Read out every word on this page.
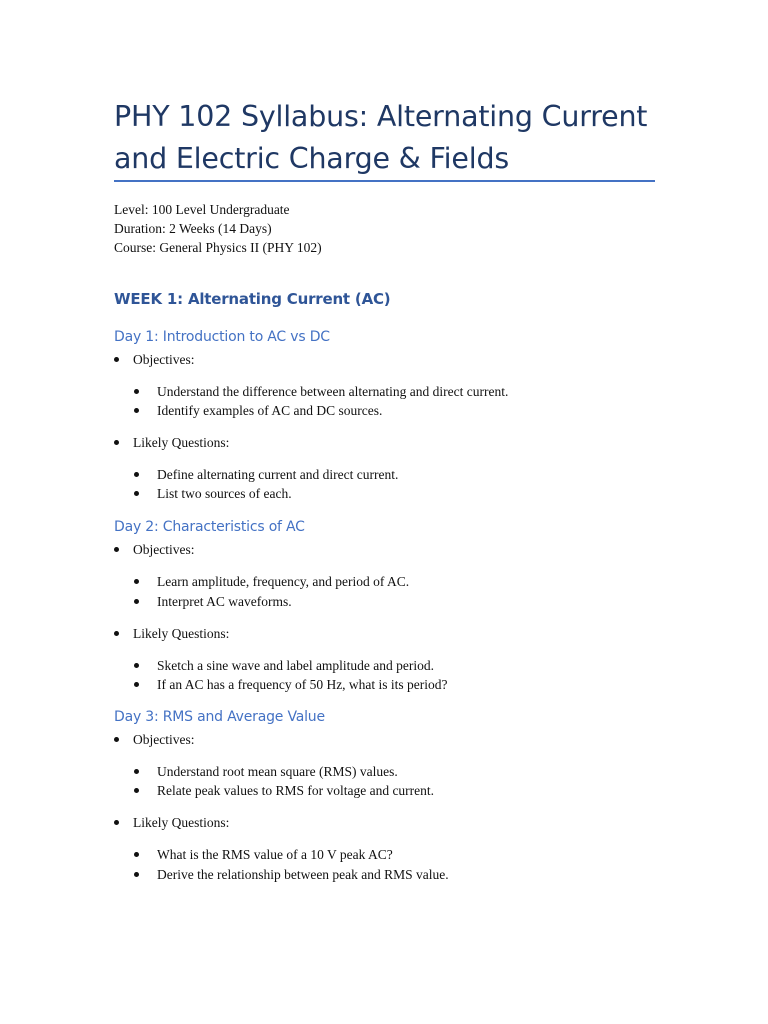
PHY 102 Syllabus: Alternating Current and Electric Charge & Fields
Level: 100 Level Undergraduate
Duration: 2 Weeks (14 Days)
Course: General Physics II (PHY 102)
WEEK 1: Alternating Current (AC)
Day 1: Introduction to AC vs DC
Objectives:
Understand the difference between alternating and direct current.
Identify examples of AC and DC sources.
Likely Questions:
Define alternating current and direct current.
List two sources of each.
Day 2: Characteristics of AC
Objectives:
Learn amplitude, frequency, and period of AC.
Interpret AC waveforms.
Likely Questions:
Sketch a sine wave and label amplitude and period.
If an AC has a frequency of 50 Hz, what is its period?
Day 3: RMS and Average Value
Objectives:
Understand root mean square (RMS) values.
Relate peak values to RMS for voltage and current.
Likely Questions:
What is the RMS value of a 10 V peak AC?
Derive the relationship between peak and RMS value.
